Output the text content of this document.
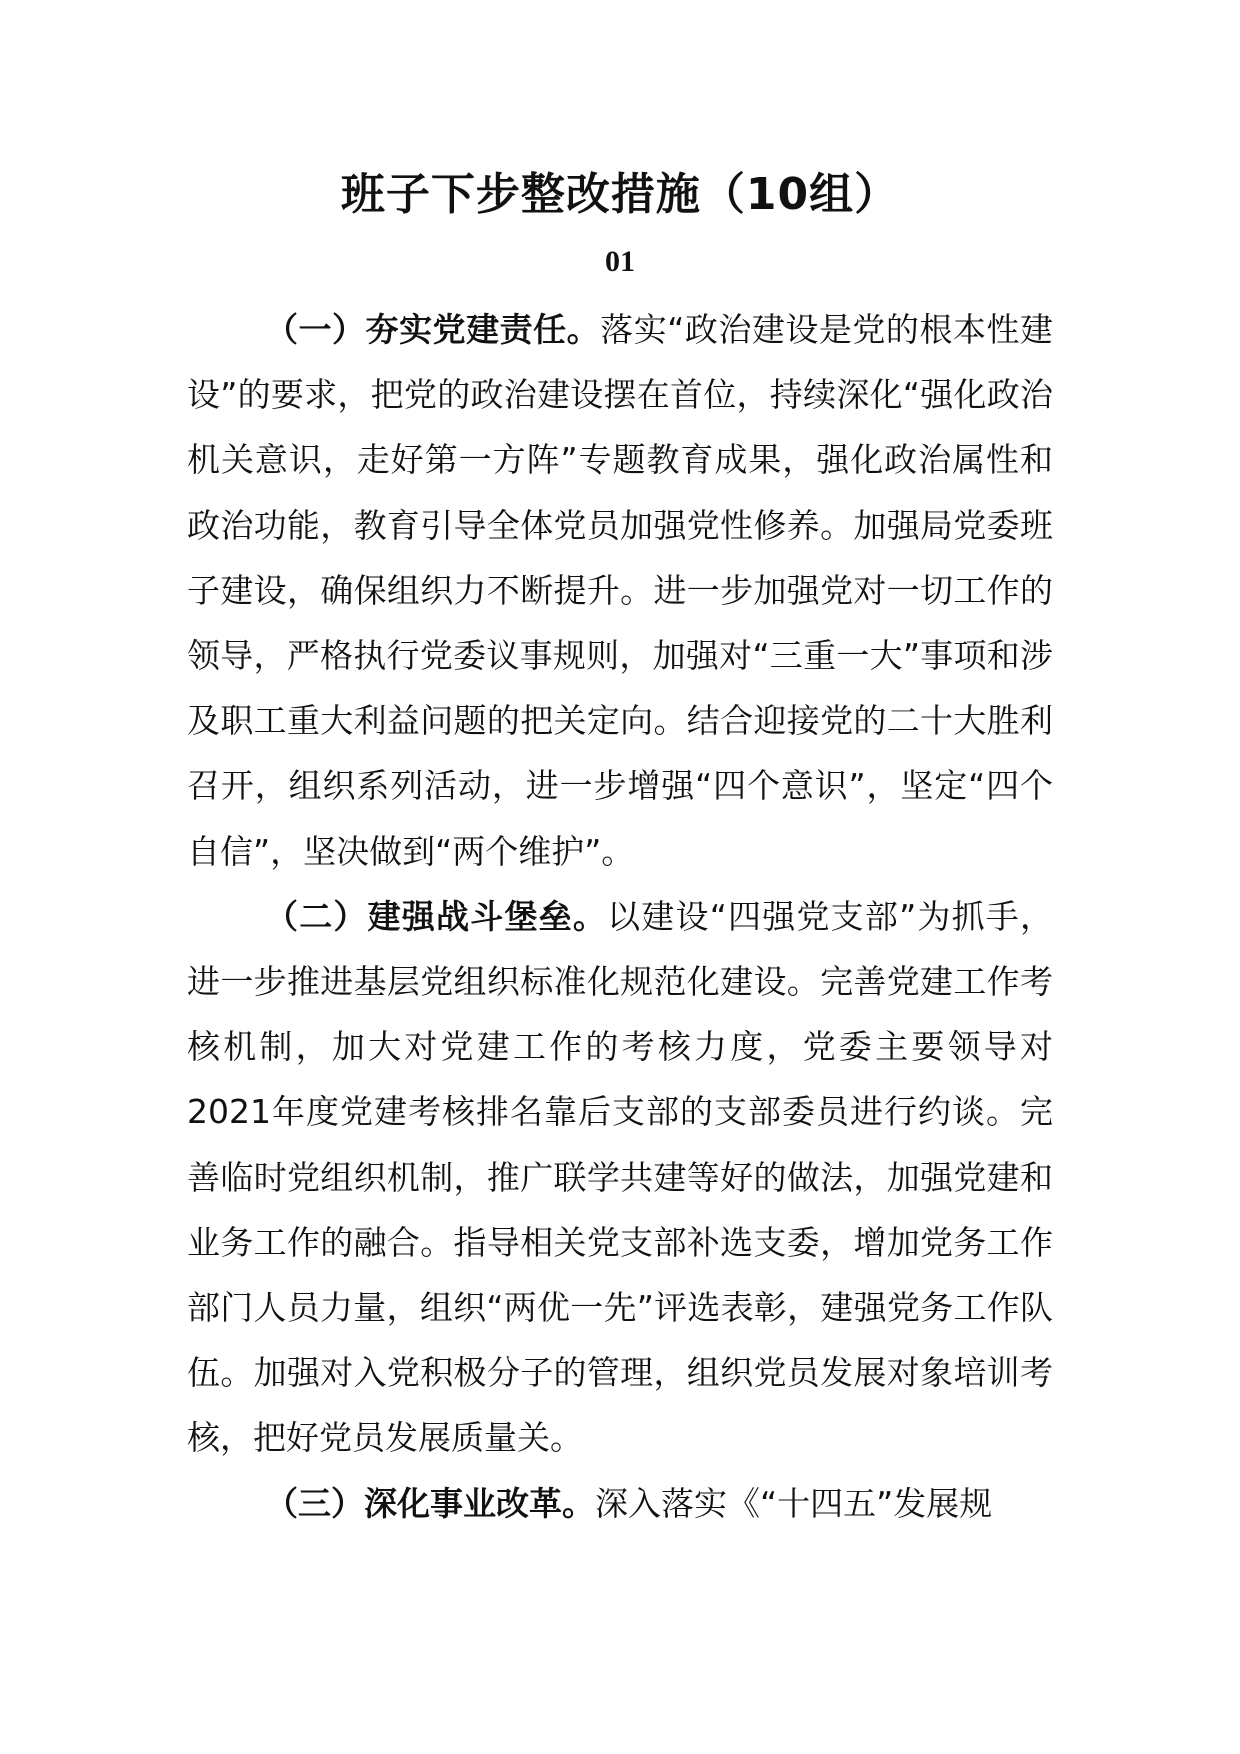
班子下步整改措施（10组）
01

（一）夯实党建责任。落实“政治建设是党的根本性建设”的要求，把党的政治建设摆在首位，持续深化“强化政治机关意识，走好第一方阵”专题教育成果，强化政治属性和政治功能，教育引导全体党员加强党性修养。加强局党委班子建设，确保组织力不断提升。进一步加强党对一切工作的领导，严格执行党委议事规则，加强对“三重一大”事项和涉及职工重大利益问题的把关定向。结合迎接党的二十大胜利召开，组织系列活动，进一步增强“四个意识”，坚定“四个自信”，坚决做到“两个维护”。

（二）建强战斗堡垒。以建设“四强党支部”为抓手，进一步推进基层党组织标准化规范化建设。完善党建工作考核机制，加大对党建工作的考核力度，党委主要领导对2021年度党建考核排名靠后支部的支部委员进行约谈。完善临时党组织机制，推广联学共建等好的做法，加强党建和业务工作的融合。指导相关党支部补选支委，增加党务工作部门人员力量，组织“两优一先”评选表彰，建强党务工作队伍。加强对入党积极分子的管理，组织党员发展对象培训考核，把好党员发展质量关。

（三）深化事业改革。深入落实《“十四五”发展规
